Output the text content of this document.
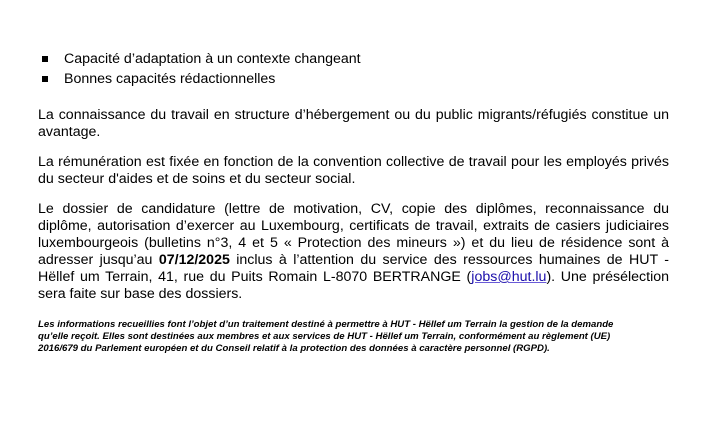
Capacité d’adaptation à un contexte changeant
Bonnes capacités rédactionnelles

La connaissance du travail en structure d’hébergement ou du public migrants/réfugiés constitue un avantage.

La rémunération est fixée en fonction de la convention collective de travail pour les employés privés du secteur d'aides et de soins et du secteur social.

Le dossier de candidature (lettre de motivation, CV, copie des diplômes, reconnaissance du diplôme, autorisation d’exercer au Luxembourg, certificats de travail, extraits de casiers judiciaires luxembourgeois (bulletins n°3, 4 et 5 « Protection des mineurs ») et du lieu de résidence sont à adresser jusqu’au 07/12/2025 inclus à l’attention du service des ressources humaines de HUT - Hëllef um Terrain, 41, rue du Puits Romain L-8070 BERTRANGE (jobs@hut.lu). Une présélection sera faite sur base des dossiers.

Les informations recueillies font l’objet d’un traitement destiné à permettre à HUT - Hëllef um Terrain la gestion de la demande qu’elle reçoit. Elles sont destinées aux membres et aux services de HUT - Hëllef um Terrain, conformément au règlement (UE) 2016/679 du Parlement européen et du Conseil relatif à la protection des données à caractère personnel (RGPD).
